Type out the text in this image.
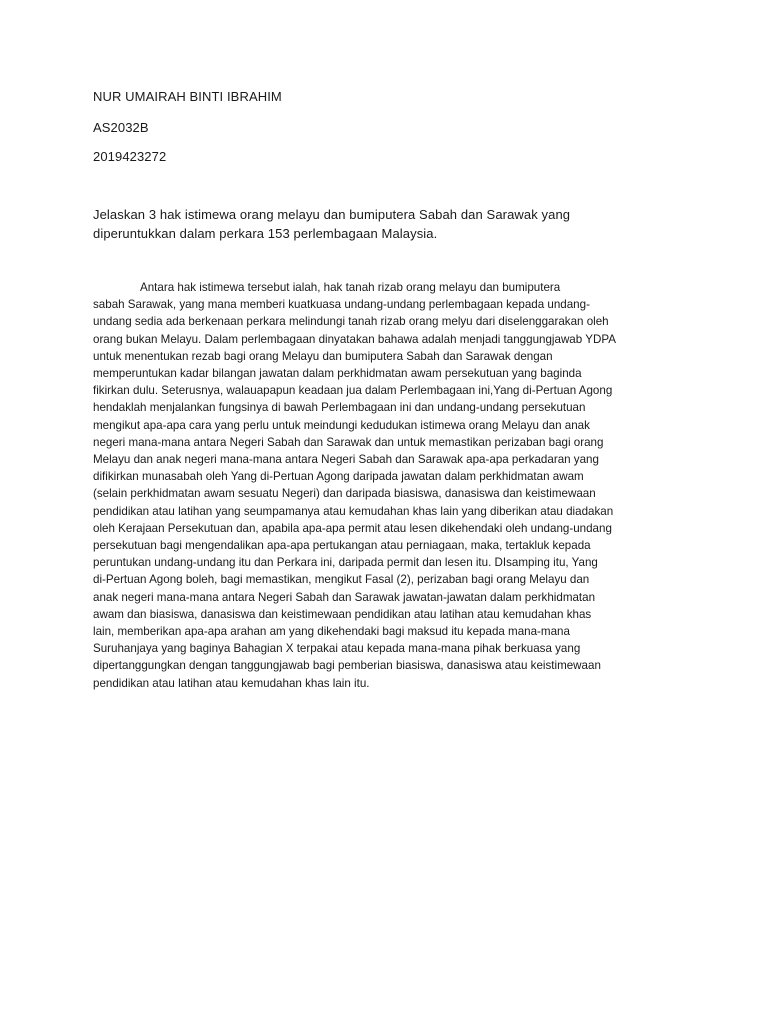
NUR UMAIRAH BINTI IBRAHIM
AS2032B
2019423272
Jelaskan 3 hak istimewa orang melayu dan bumiputera Sabah dan Sarawak yang
diperuntukkan dalam perkara 153 perlembagaan Malaysia.
Antara hak istimewa tersebut ialah, hak tanah rizab orang melayu dan bumiputera
sabah Sarawak, yang mana memberi kuatkuasa undang-undang perlembagaan kepada undang-
undang sedia ada berkenaan perkara melindungi tanah rizab orang melyu dari diselenggarakan oleh
orang bukan Melayu. Dalam perlembagaan dinyatakan bahawa adalah menjadi tanggungjawab YDPA
untuk menentukan rezab bagi orang Melayu dan bumiputera Sabah dan Sarawak dengan
memperuntukan kadar bilangan jawatan dalam perkhidmatan awam persekutuan yang baginda
fikirkan dulu. Seterusnya, walauapapun keadaan jua dalam Perlembagaan ini,Yang di-Pertuan Agong
hendaklah menjalankan fungsinya di bawah Perlembagaan ini dan undang-undang persekutuan
mengikut apa-apa cara yang perlu untuk meindungi kedudukan istimewa orang Melayu dan anak
negeri mana-mana antara Negeri Sabah dan Sarawak dan untuk memastikan perizaban bagi orang
Melayu dan anak negeri mana-mana antara Negeri Sabah dan Sarawak apa-apa perkadaran yang
difikirkan munasabah oleh Yang di-Pertuan Agong daripada jawatan dalam perkhidmatan awam
(selain perkhidmatan awam sesuatu Negeri) dan daripada biasiswa, danasiswa dan keistimewaan
pendidikan atau latihan yang seumpamanya atau kemudahan khas lain yang diberikan atau diadakan
oleh Kerajaan Persekutuan dan, apabila apa-apa permit atau lesen dikehendaki oleh undang-undang
persekutuan bagi mengendalikan apa-apa pertukangan atau perniagaan, maka, tertakluk kepada
peruntukan undang-undang itu dan Perkara ini, daripada permit dan lesen itu. DIsamping itu, Yang
di-Pertuan Agong boleh, bagi memastikan, mengikut Fasal (2), perizaban bagi orang Melayu dan
anak negeri mana-mana antara Negeri Sabah dan Sarawak jawatan-jawatan dalam perkhidmatan
awam dan biasiswa, danasiswa dan keistimewaan pendidikan atau latihan atau kemudahan khas
lain, memberikan apa-apa arahan am yang dikehendaki bagi maksud itu kepada mana-mana
Suruhanjaya yang baginya Bahagian X terpakai atau kepada mana-mana pihak berkuasa yang
dipertanggungkan dengan tanggungjawab bagi pemberian biasiswa, danasiswa atau keistimewaan
pendidikan atau latihan atau kemudahan khas lain itu.
